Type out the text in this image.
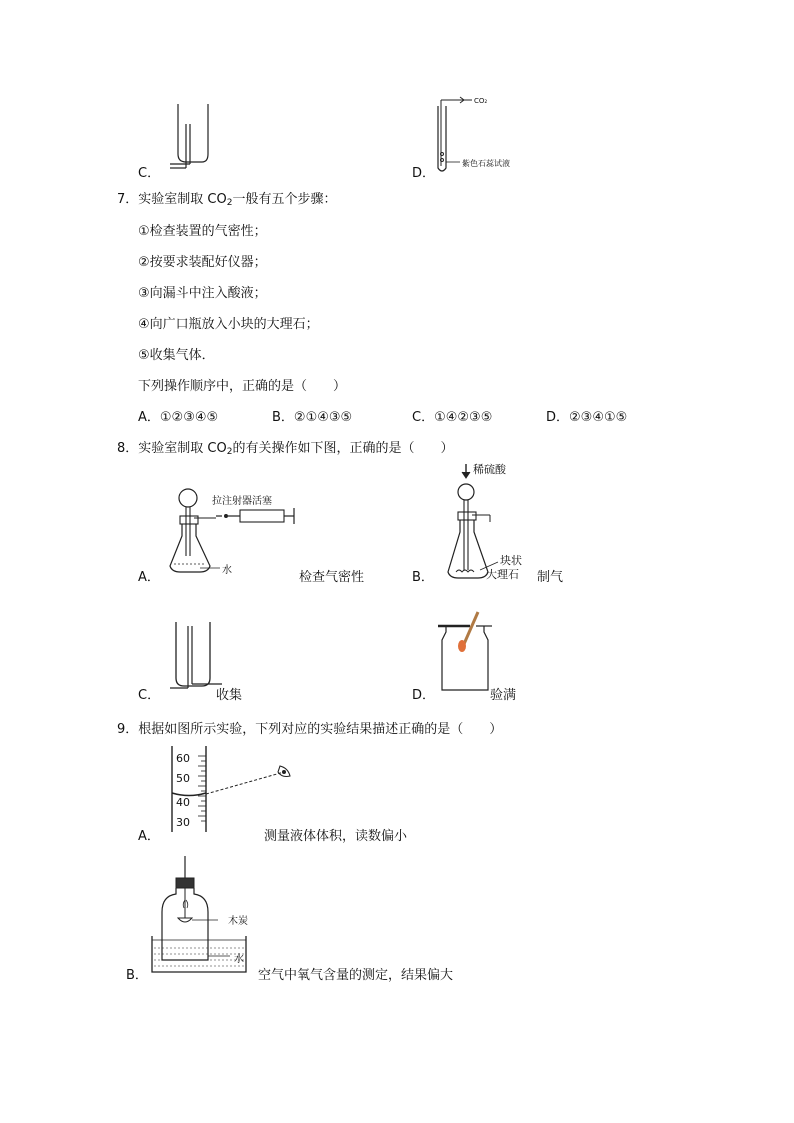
C．	D．
CO₂
紫色石蕊试液
7．实验室制取 $CO_2$一般有五个步骤：
①检查装置的气密性；
②按要求装配好仪器；
③向漏斗中注入酸液；
④向广口瓶放入小块的大理石；
⑤收集气体．
下列操作顺序中，正确的是（　　）
A．①②③④⑤	B．②①④③⑤	C．①④②③⑤	D．②③④①⑤
8．实验室制取 $CO_2$的有关操作如下图，正确的是（　　）
A．
拉注射器活塞
水	检查气密性	B．
稀硫酸
块状
大理石 制气
C．	收集	D．	验满
9．根据如图所示实验，下列对应的实验结果描述正确的是（　　）
A．
60
50
40
30
测量液体体积，读数偏小
B．
木炭
水
空气中氧气含量的测定，结果偏大
